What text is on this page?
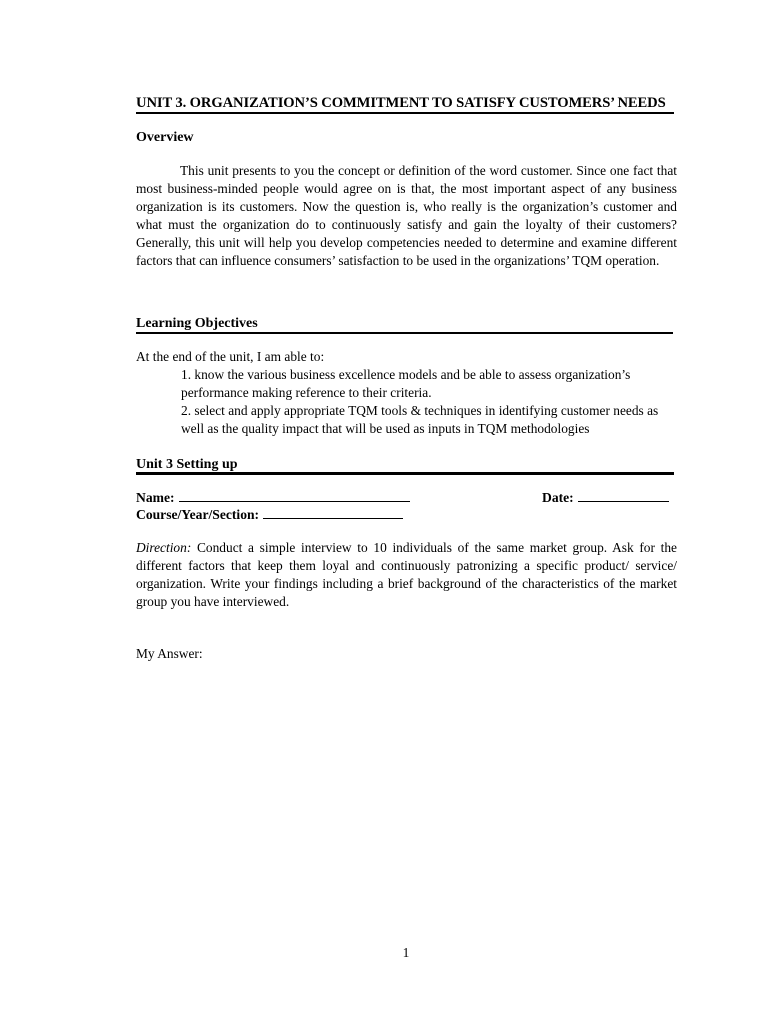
UNIT 3. ORGANIZATION’S COMMITMENT TO SATISFY CUSTOMERS’ NEEDS
Overview
This unit presents to you the concept or definition of the word customer. Since one fact that most business-minded people would agree on is that, the most important aspect of any business organization is its customers. Now the question is, who really is the organization’s customer and what must the organization do to continuously satisfy and gain the loyalty of their customers? Generally, this unit will help you develop competencies needed to determine and examine different factors that can influence consumers’ satisfaction to be used in the organizations’ TQM operation.
Learning Objectives
At the end of the unit, I am able to:
1. know the various business excellence models and be able to assess organization’s performance making reference to their criteria.
2. select and apply appropriate TQM tools & techniques in identifying customer needs as well as the quality impact that will be used as inputs in TQM methodologies
Unit 3 Setting up
Name:	Date:
Course/Year/Section:
Direction: Conduct a simple interview to 10 individuals of the same market group. Ask for the different factors that keep them loyal and continuously patronizing a specific product/ service/ organization. Write your findings including a brief background of the characteristics of the market group you have interviewed.
My Answer:
1
